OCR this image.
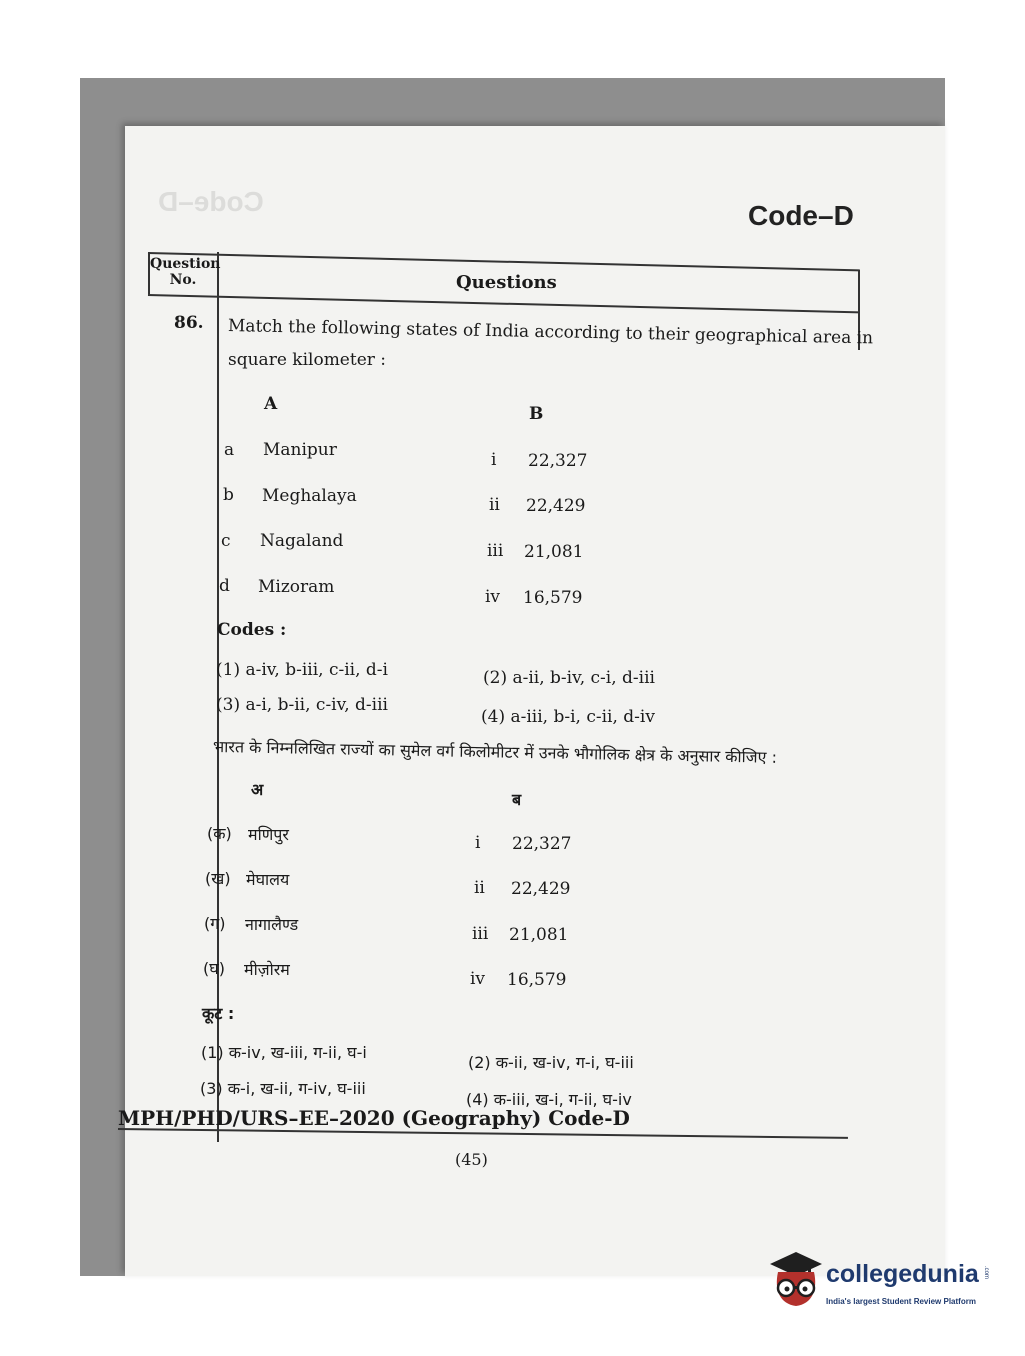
Code–D	Code–D
Question
No.	Questions
86. Match the following states of India according to their geographical area in
square kilometer :
A	B
a Manipur	i 22,327
b Meghalaya	ii 22,429
c Nagaland	iii 21,081
d Mizoram	iv 16,579
Codes :
(1) a-iv, b-iii, c-ii, d-i	(2) a-ii, b-iv, c-i, d-iii
(3) a-i, b-ii, c-iv, d-iii
(4) a-iii, b-i, c-ii, d-iv
भारत के निम्नलिखित राज्यों का सुमेल वर्ग किलोमीटर में उनके भौगोलिक क्षेत्र के अनुसार कीजिए :
अ
ब
(क) मणिपुर	i 22,327
(ख) मेघालय	ii 22,429
(ग) नागालैण्ड	iii 21,081
(घ) मीज़ोरम	iv 16,579
कूट :
(1) क-iv, ख-iii, ग-ii, घ-i
(2) क-ii, ख-iv, ग-i, घ-iii
(3) क-i, ख-ii, ग-iv, घ-iii
(4) क-iii, ख-i, ग-ii, घ-iv
MPH/PHD/URS–EE–2020 (Geography) Code-D
(45)
collegedunia .com
India's largest Student Review Platform
